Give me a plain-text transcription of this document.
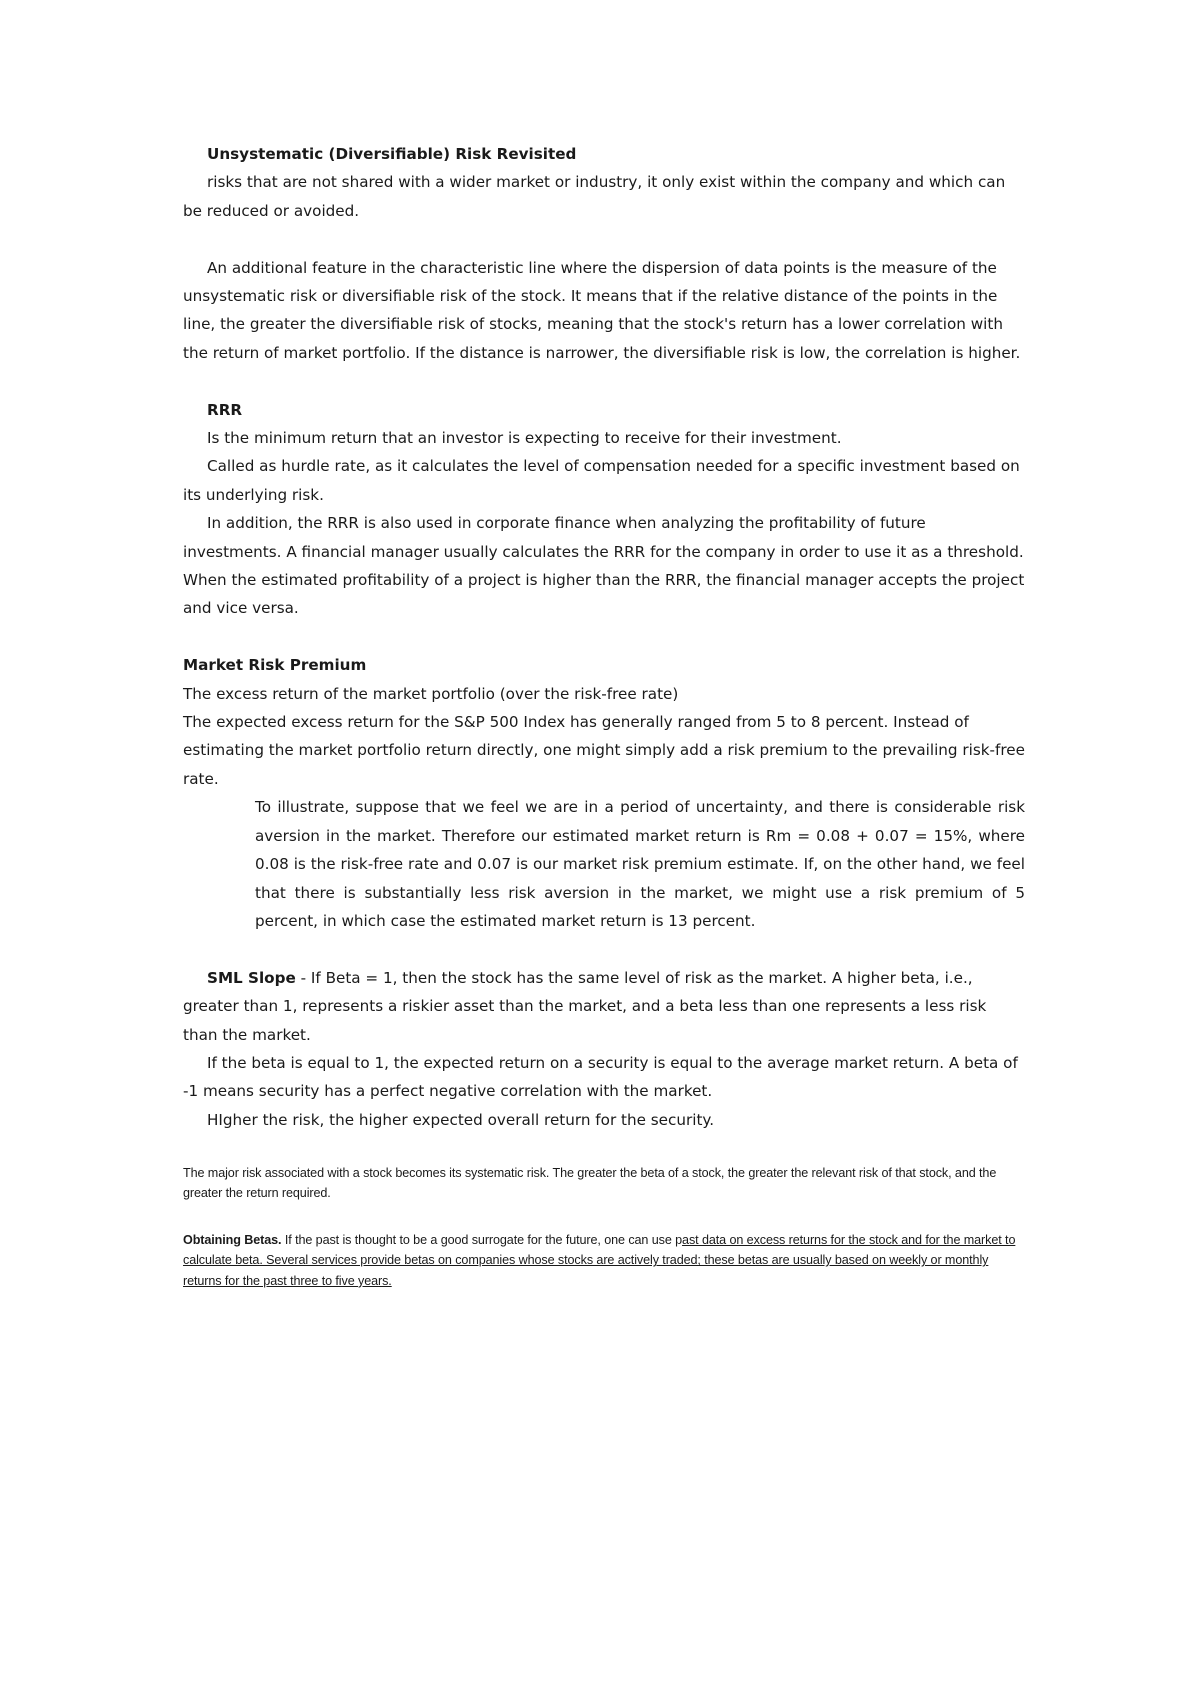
Unsystematic (Diversifiable) Risk Revisited
risks that are not shared with a wider market or industry, it only exist within the company and which can be reduced or avoided.
An additional feature in the characteristic line where the dispersion of data points is the measure of the unsystematic risk or diversifiable risk of the stock. It means that if the relative distance of the points in the line, the greater the diversifiable risk of stocks, meaning that the stock's return has a lower correlation with the return of market portfolio. If the distance is narrower, the diversifiable risk is low, the correlation is higher.
RRR
Is the minimum return that an investor is expecting to receive for their investment.
Called as hurdle rate, as it calculates the level of compensation needed for a specific investment based on its underlying risk.
In addition, the RRR is also used in corporate finance when analyzing the profitability of future investments. A financial manager usually calculates the RRR for the company in order to use it as a threshold. When the estimated profitability of a project is higher than the RRR, the financial manager accepts the project and vice versa.
Market Risk Premium
The excess return of the market portfolio (over the risk-free rate)
The expected excess return for the S&P 500 Index has generally ranged from 5 to 8 percent. Instead of estimating the market portfolio return directly, one might simply add a risk premium to the prevailing risk-free rate.
To illustrate, suppose that we feel we are in a period of uncertainty, and there is considerable risk aversion in the market. Therefore our estimated market return is Rm = 0.08 + 0.07 = 15%, where 0.08 is the risk-free rate and 0.07 is our market risk premium estimate. If, on the other hand, we feel that there is substantially less risk aversion in the market, we might use a risk premium of 5 percent, in which case the estimated market return is 13 percent.
SML Slope - If Beta = 1, then the stock has the same level of risk as the market. A higher beta, i.e., greater than 1, represents a riskier asset than the market, and a beta less than one represents a less risk than the market.
If the beta is equal to 1, the expected return on a security is equal to the average market return. A beta of -1 means security has a perfect negative correlation with the market.
HIgher the risk, the higher expected overall return for the security.
The major risk associated with a stock becomes its systematic risk. The greater the beta of a stock, the greater the relevant risk of that stock, and the greater the return required.
Obtaining Betas. If the past is thought to be a good surrogate for the future, one can use past data on excess returns for the stock and for the market to calculate beta. Several services provide betas on companies whose stocks are actively traded; these betas are usually based on weekly or monthly returns for the past three to five years.
